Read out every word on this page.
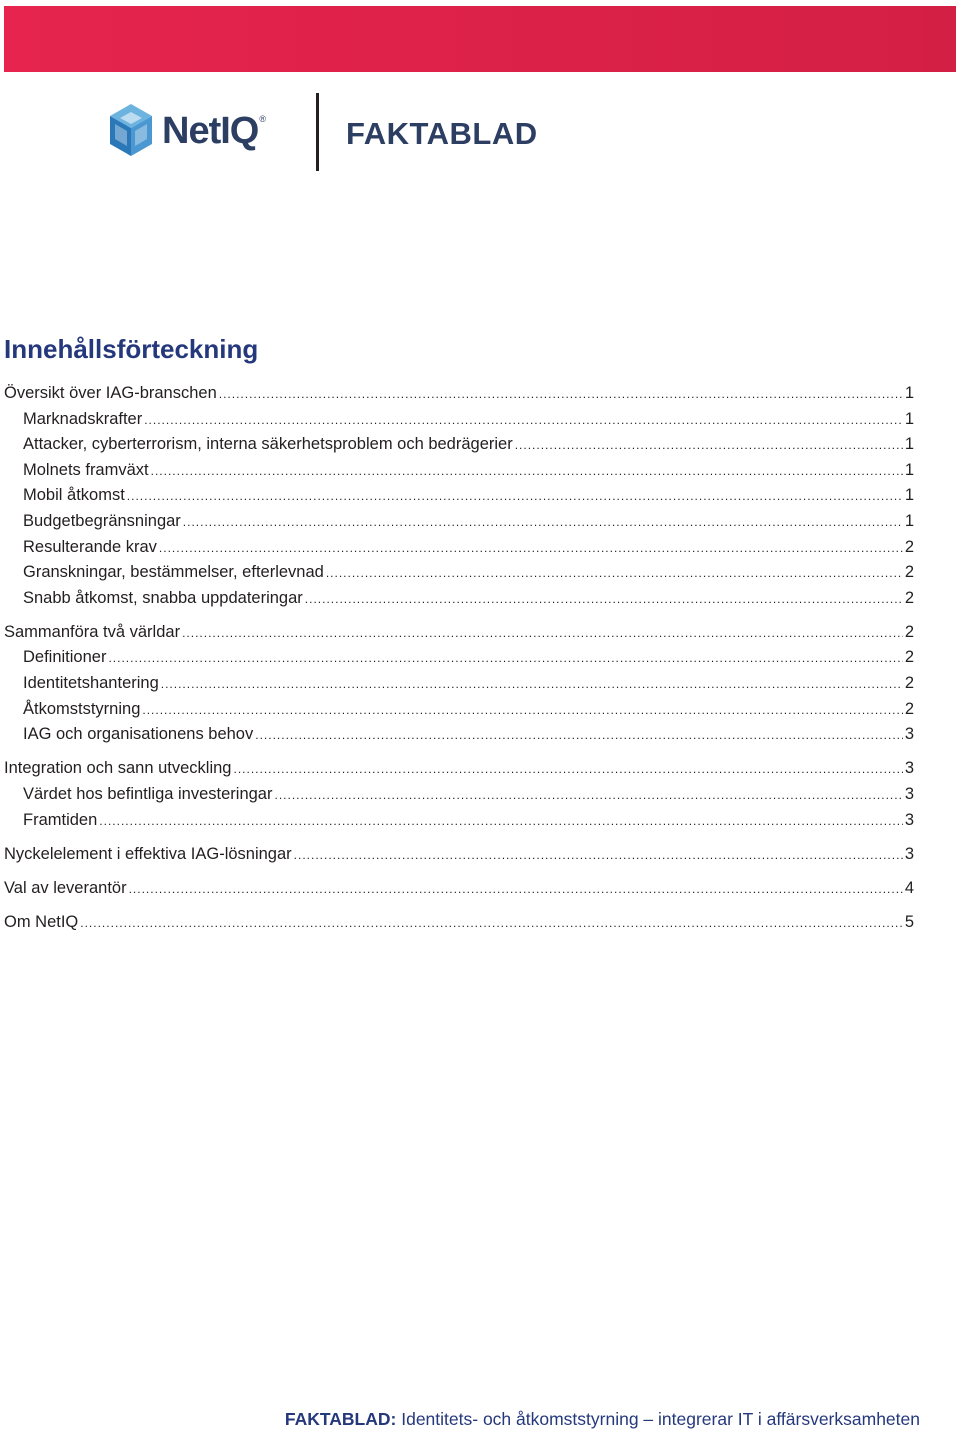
NetIQ®	FAKTABLAD
Innehållsförteckning
Översikt över IAG-branschen .....	1
Marknadskrafter .....	1
Attacker, cyberterrorism, interna säkerhetsproblem och bedrägerier .....	1
Molnets framväxt .....	1
Mobil åtkomst .....	1
Budgetbegränsningar .....	1
Resulterande krav .....	2
Granskningar, bestämmelser, efterlevnad .....	2
Snabb åtkomst, snabba uppdateringar .....	2
Sammanföra två världar .....	2
Definitioner .....	2
Identitetshantering .....	2
Åtkomststyrning .....	2
IAG och organisationens behov .....	3
Integration och sann utveckling .....	3
Värdet hos befintliga investeringar .....	3
Framtiden .....	3
Nyckelelement i effektiva IAG-lösningar .....	3
Val av leverantör .....	4
Om NetIQ .....	5
FAKTABLAD: Identitets- och åtkomststyrning – integrerar IT i affärsverksamheten
